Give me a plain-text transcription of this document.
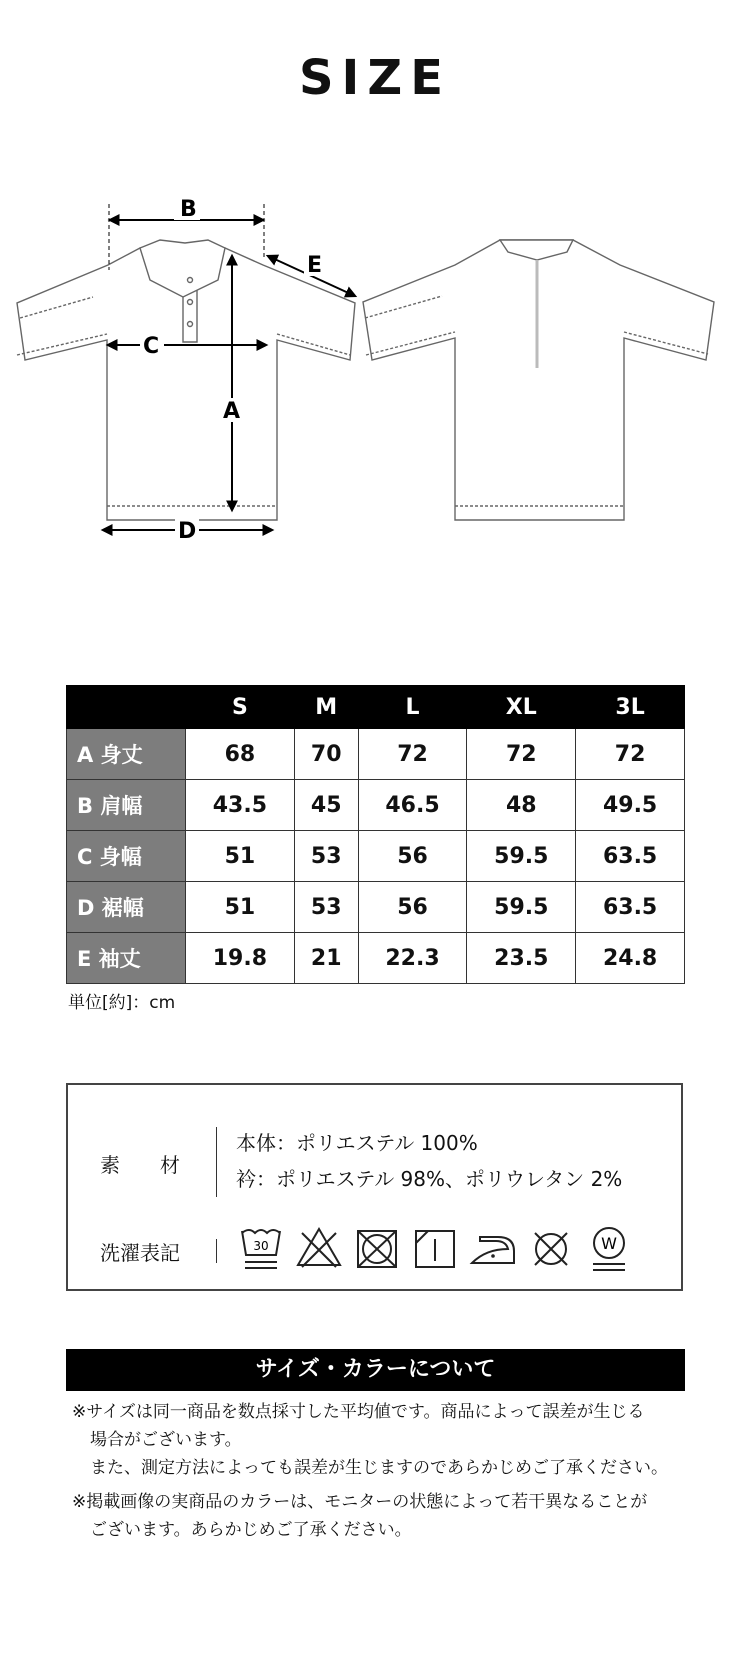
SIZE
B
E
C
A
D
	S	M	L	XL	3L
A 身丈	68	70	72	72	72
B 肩幅	43.5	45	46.5	48	49.5
C 身幅	51	53	56	59.5	63.5
D 裾幅	51	53	56	59.5	63.5
E 袖丈	19.8	21	22.3	23.5	24.8
単位[約]：cm
素 材
本体：ポリエステル 100%
衿：ポリエステル 98%、ポリウレタン 2%
洗濯表記	30	W
サイズ・カラーについて
※サイズは同一商品を数点採寸した平均値です。商品によって誤差が生じる
場合がございます。
また、測定方法によっても誤差が生じますのであらかじめご了承ください。
※掲載画像の実商品のカラーは、モニターの状態によって若干異なることが
ございます。あらかじめご了承ください。
